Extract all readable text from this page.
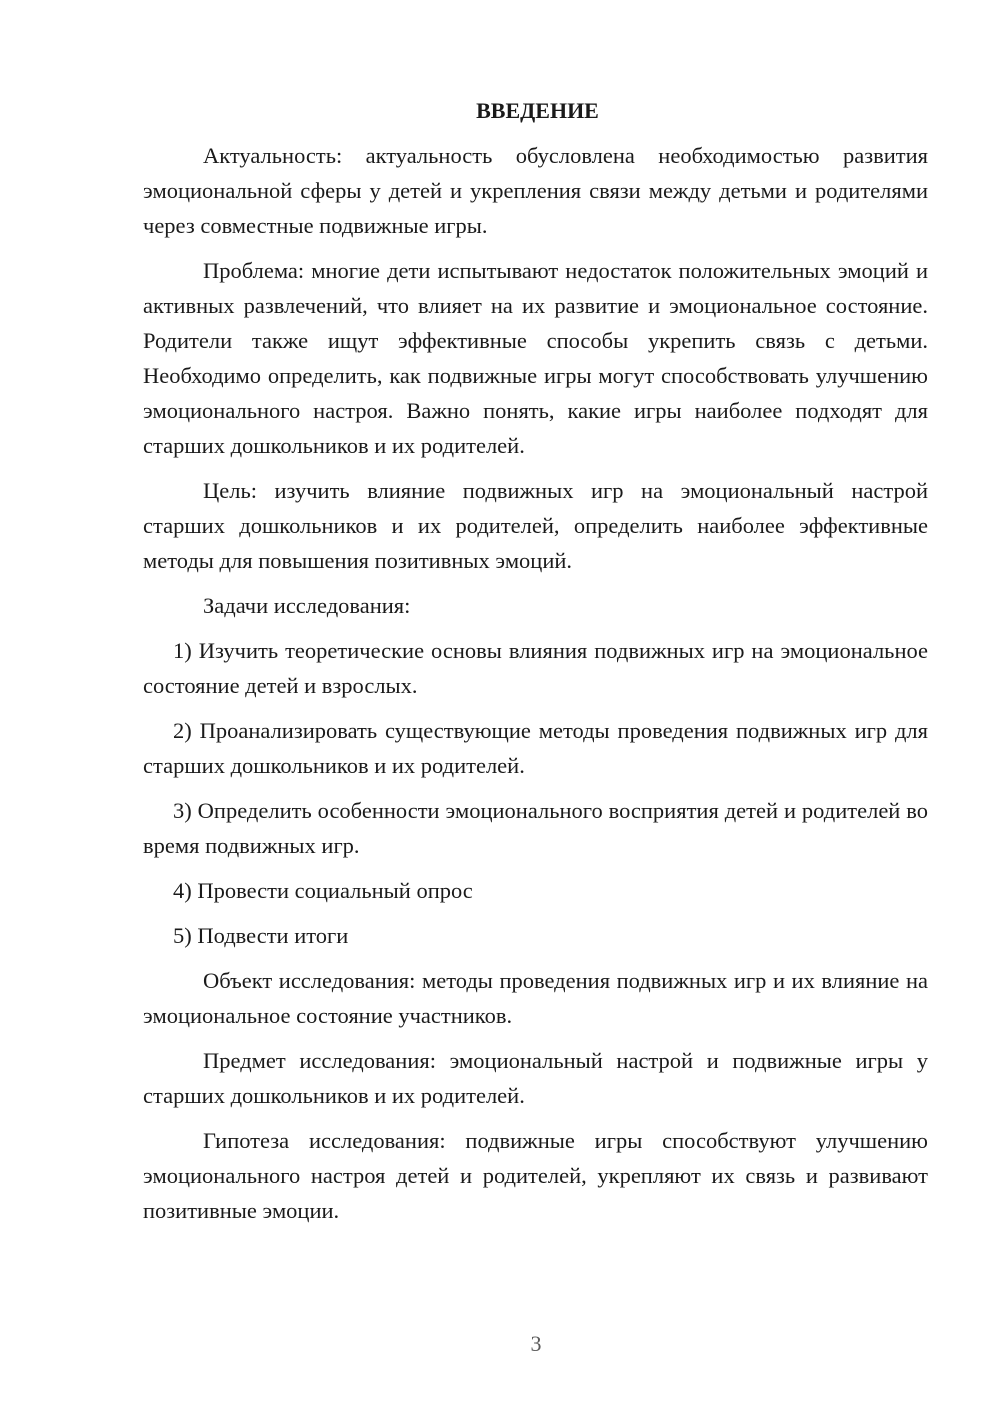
ВВЕДЕНИЕ

Актуальность: актуальность обусловлена необходимостью развития эмоциональной сферы у детей и укрепления связи между детьми и родителями через совместные подвижные игры.

Проблема: многие дети испытывают недостаток положительных эмоций и активных развлечений, что влияет на их развитие и эмоциональное состояние. Родители также ищут эффективные способы укрепить связь с детьми. Необходимо определить, как подвижные игры могут способствовать улучшению эмоционального настроя. Важно понять, какие игры наиболее подходят для старших дошкольников и их родителей.

Цель: изучить влияние подвижных игр на эмоциональный настрой старших дошкольников и их родителей, определить наиболее эффективные методы для повышения позитивных эмоций.

Задачи исследования:

1) Изучить теоретические основы влияния подвижных игр на эмоциональное состояние детей и взрослых.

2) Проанализировать существующие методы проведения подвижных игр для старших дошкольников и их родителей.

3) Определить особенности эмоционального восприятия детей и родителей во время подвижных игр.

4) Провести социальный опрос

5) Подвести итоги

Объект исследования: методы проведения подвижных игр и их влияние на эмоциональное состояние участников.

Предмет исследования: эмоциональный настрой и подвижные игры у старших дошкольников и их родителей.

Гипотеза исследования: подвижные игры способствуют улучшению эмоционального настроя детей и родителей, укрепляют их связь и развивают позитивные эмоции.

3
